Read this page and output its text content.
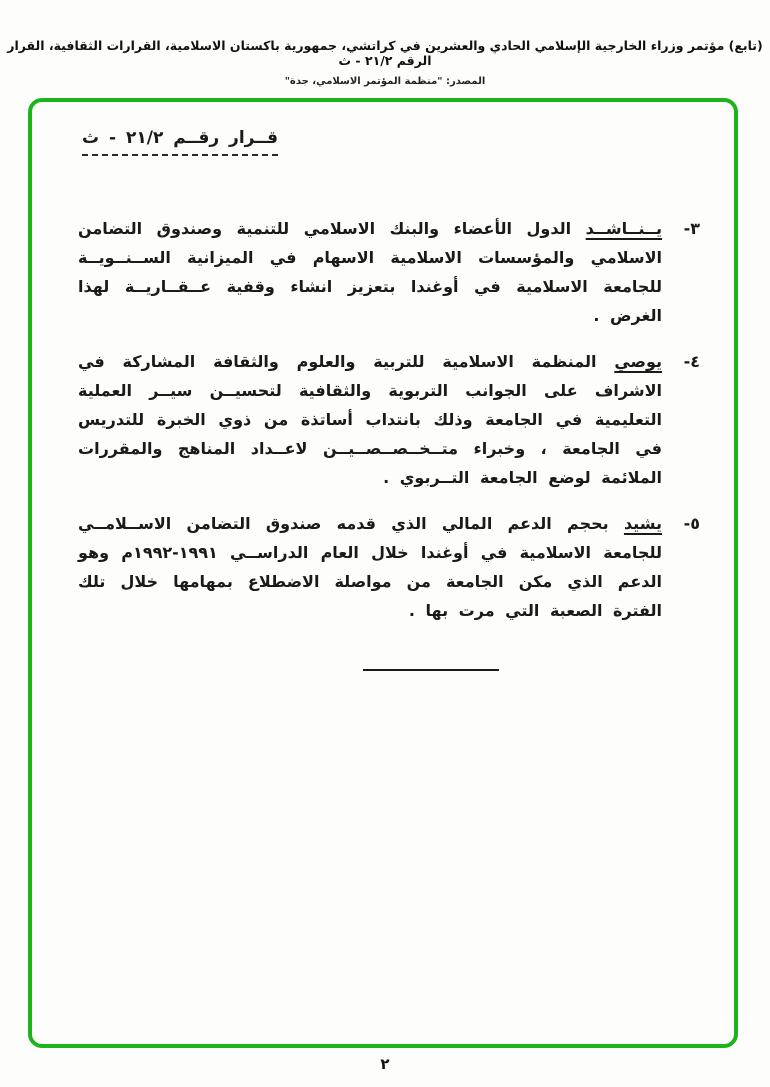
(تابع) مؤتمر وزراء الخارجية الإسلامي الحادي والعشرين في كراتشي، جمهورية باكستان الاسلامية، القرارات الثقافية، القرار الرقم ٢١/٢ - ث
المصدر: "منظمة المؤتمر الاسلامي، جدة"
قــرار رقــم ٢١/٢ - ث
٣-
يــنــاشــد الدول الأعضاء والبنك الاسلامي للتنمية وصندوق التضامن الاسلامي والمؤسسات الاسلامية الاسهام في الميزانية الســنــويــة للجامعة الاسلامية في أوغندا بتعزيز انشاء وقفية عــقــاريــة لهذا الغرض .
٤-
يوصي المنظمة الاسلامية للتربية والعلوم والثقافة المشاركة في الاشراف على الجوانب التربوية والثقافية لتحسيــن سيــر العملية التعليمية في الجامعة وذلك بانتداب أساتذة من ذوي الخبرة للتدريس في الجامعة ، وخبراء متــخــصــصــيــن لاعــداد المناهج والمقررات الملائمة لوضع الجامعة التــربوي .
٥-
يشيد بحجم الدعم المالي الذي قدمه صندوق التضامن الاســلامــي للجامعة الاسلامية في أوغندا خلال العام الدراســي ١٩٩١-١٩٩٢م وهو الدعم الذي مكن الجامعة من مواصلة الاضطلاع بمهامها خلال تلك الفترة الصعبة التي مرت بها .
٢
